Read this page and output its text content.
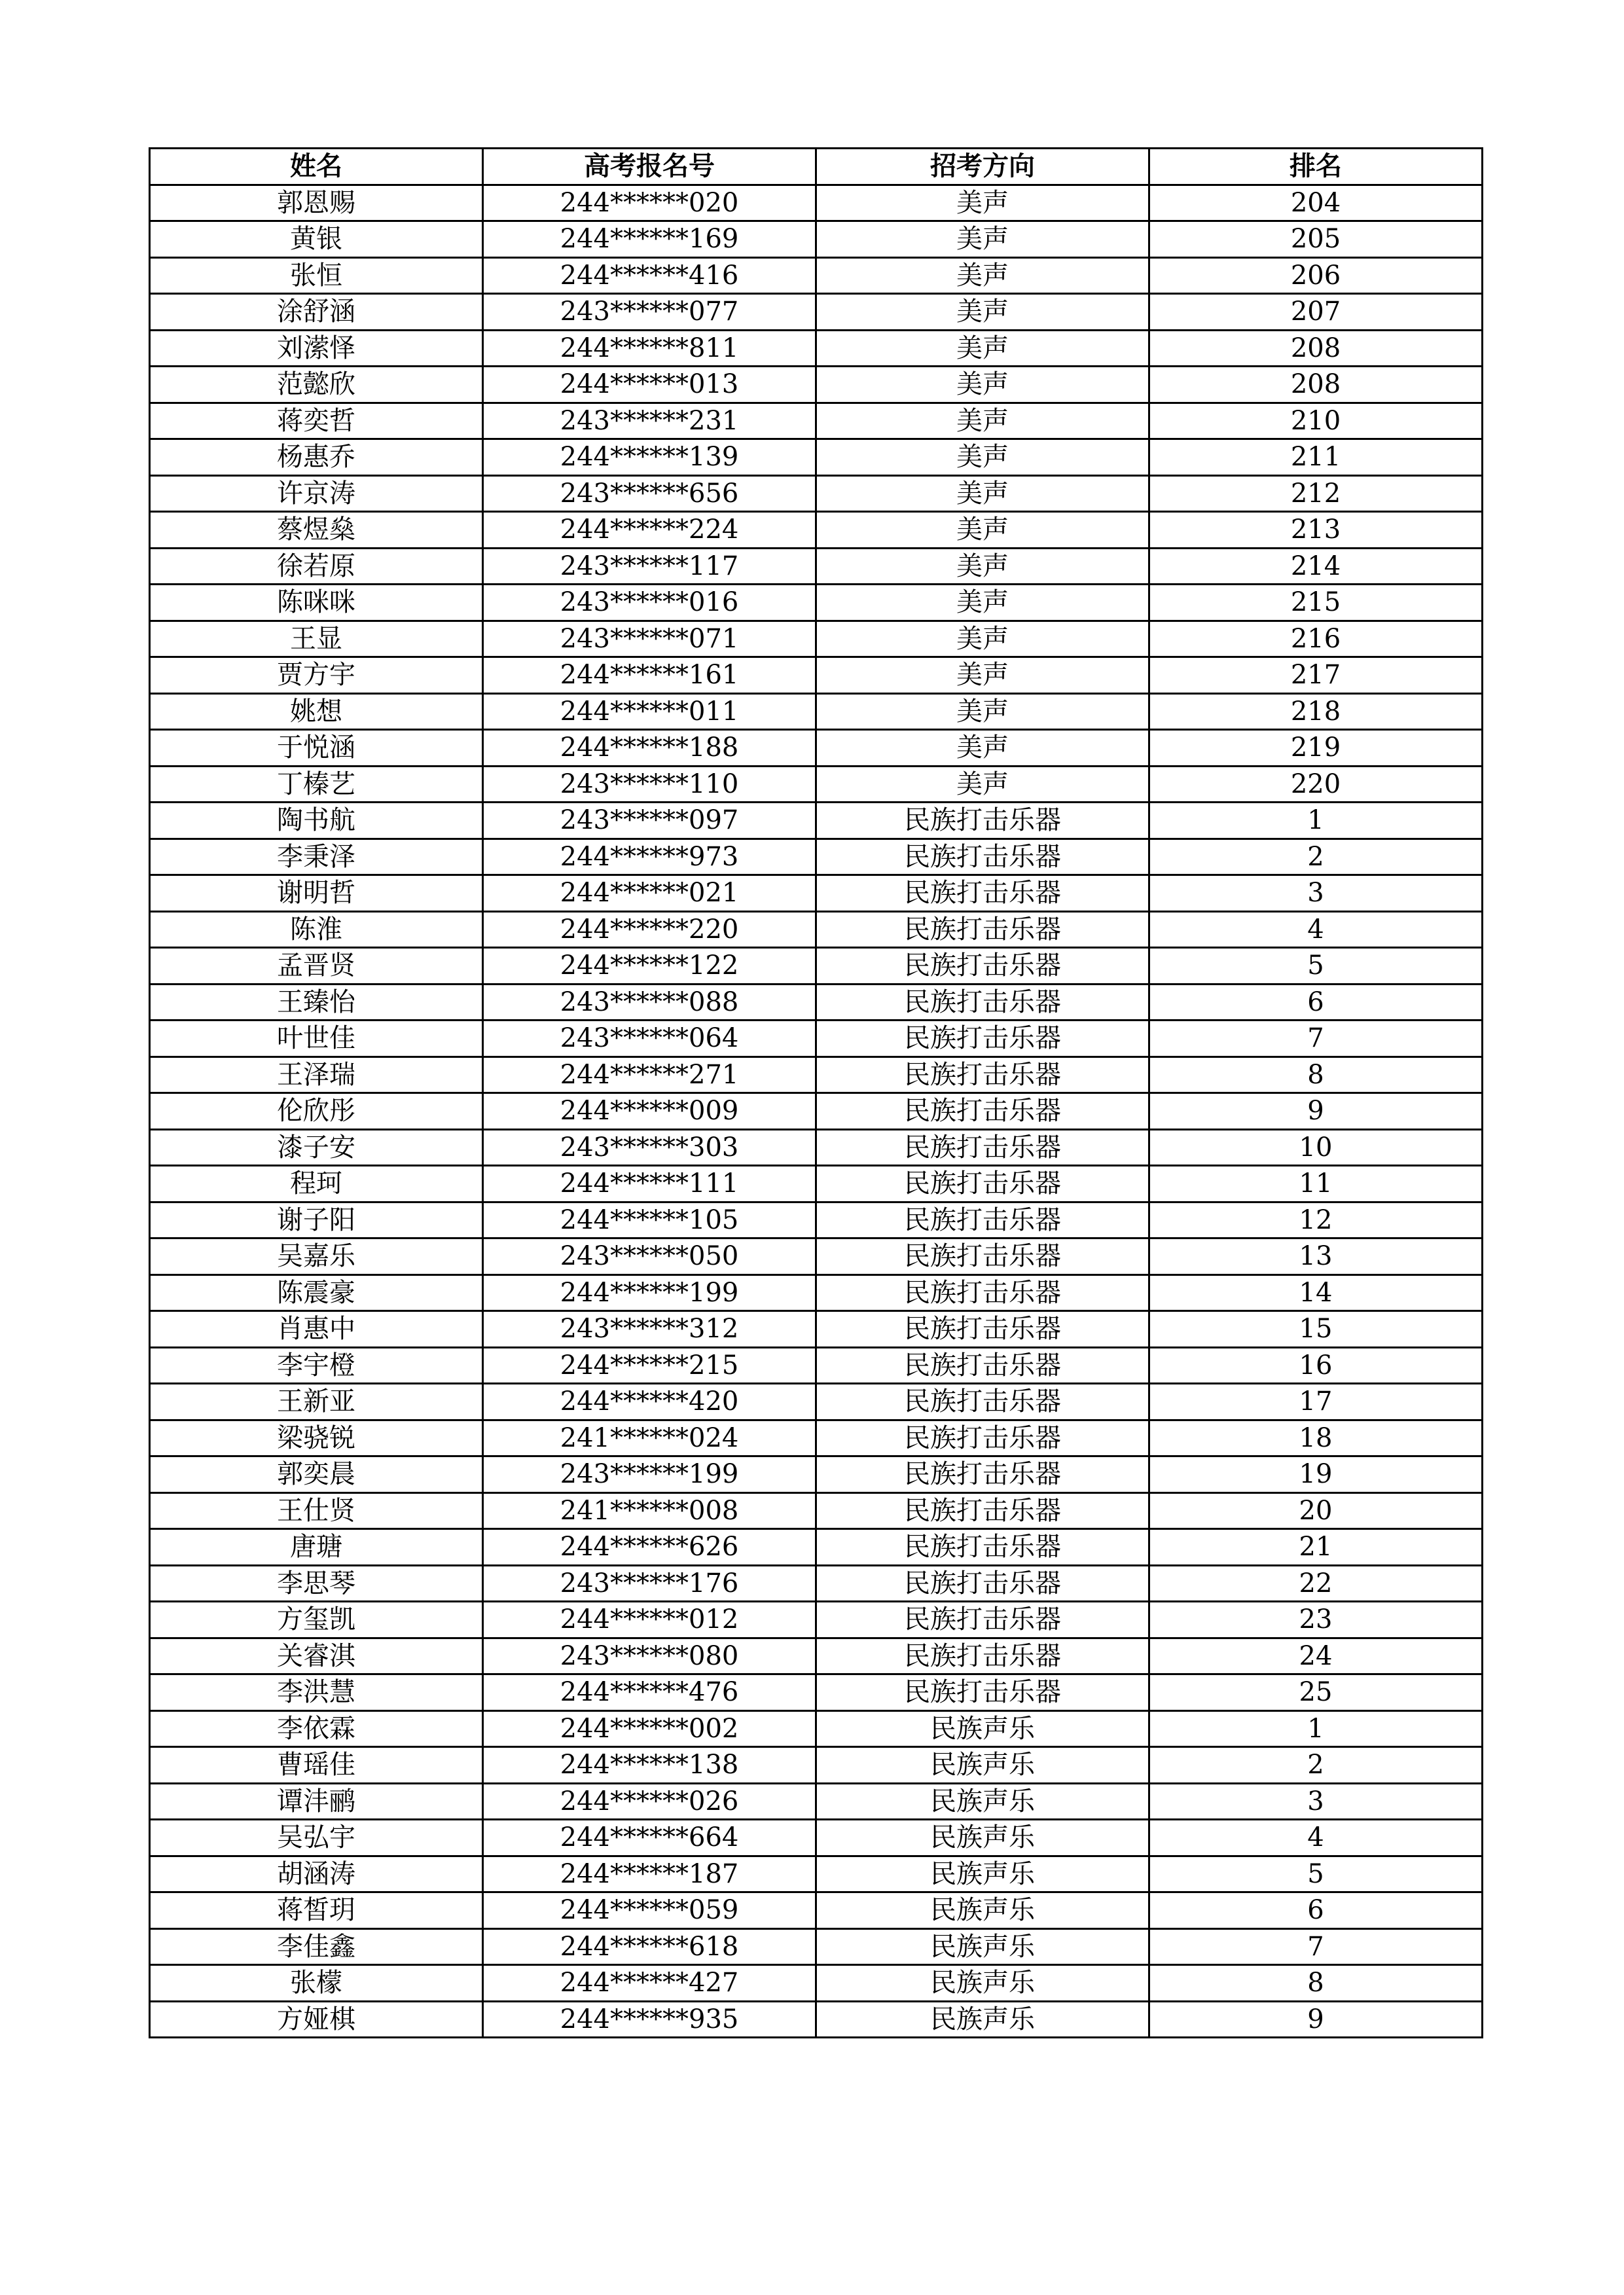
姓名	高考报名号	招考方向	排名
郭恩赐	244******020	美声	204
黄银	244******169	美声	205
张恒	244******416	美声	206
涂舒涵	243******077	美声	207
刘潆怿	244******811	美声	208
范懿欣	244******013	美声	208
蒋奕哲	243******231	美声	210
杨惠乔	244******139	美声	211
许京涛	243******656	美声	212
蔡煜燊	244******224	美声	213
徐若原	243******117	美声	214
陈咪咪	243******016	美声	215
王显	243******071	美声	216
贾方宇	244******161	美声	217
姚想	244******011	美声	218
于悦涵	244******188	美声	219
丁榛艺	243******110	美声	220
陶书航	243******097	民族打击乐器	1
李秉泽	244******973	民族打击乐器	2
谢明哲	244******021	民族打击乐器	3
陈淮	244******220	民族打击乐器	4
孟晋贤	244******122	民族打击乐器	5
王臻怡	243******088	民族打击乐器	6
叶世佳	243******064	民族打击乐器	7
王泽瑞	244******271	民族打击乐器	8
伦欣彤	244******009	民族打击乐器	9
漆子安	243******303	民族打击乐器	10
程珂	244******111	民族打击乐器	11
谢子阳	244******105	民族打击乐器	12
吴嘉乐	243******050	民族打击乐器	13
陈震豪	244******199	民族打击乐器	14
肖惠中	243******312	民族打击乐器	15
李宇橙	244******215	民族打击乐器	16
王新亚	244******420	民族打击乐器	17
梁骁锐	241******024	民族打击乐器	18
郭奕晨	243******199	民族打击乐器	19
王仕贤	241******008	民族打击乐器	20
唐瑭	244******626	民族打击乐器	21
李思琴	243******176	民族打击乐器	22
方玺凯	244******012	民族打击乐器	23
关睿淇	243******080	民族打击乐器	24
李洪慧	244******476	民族打击乐器	25
李依霖	244******002	民族声乐	1
曹瑶佳	244******138	民族声乐	2
谭沣鹂	244******026	民族声乐	3
吴弘宇	244******664	民族声乐	4
胡涵涛	244******187	民族声乐	5
蒋皙玥	244******059	民族声乐	6
李佳鑫	244******618	民族声乐	7
张檬	244******427	民族声乐	8
方娅棋	244******935	民族声乐	9
